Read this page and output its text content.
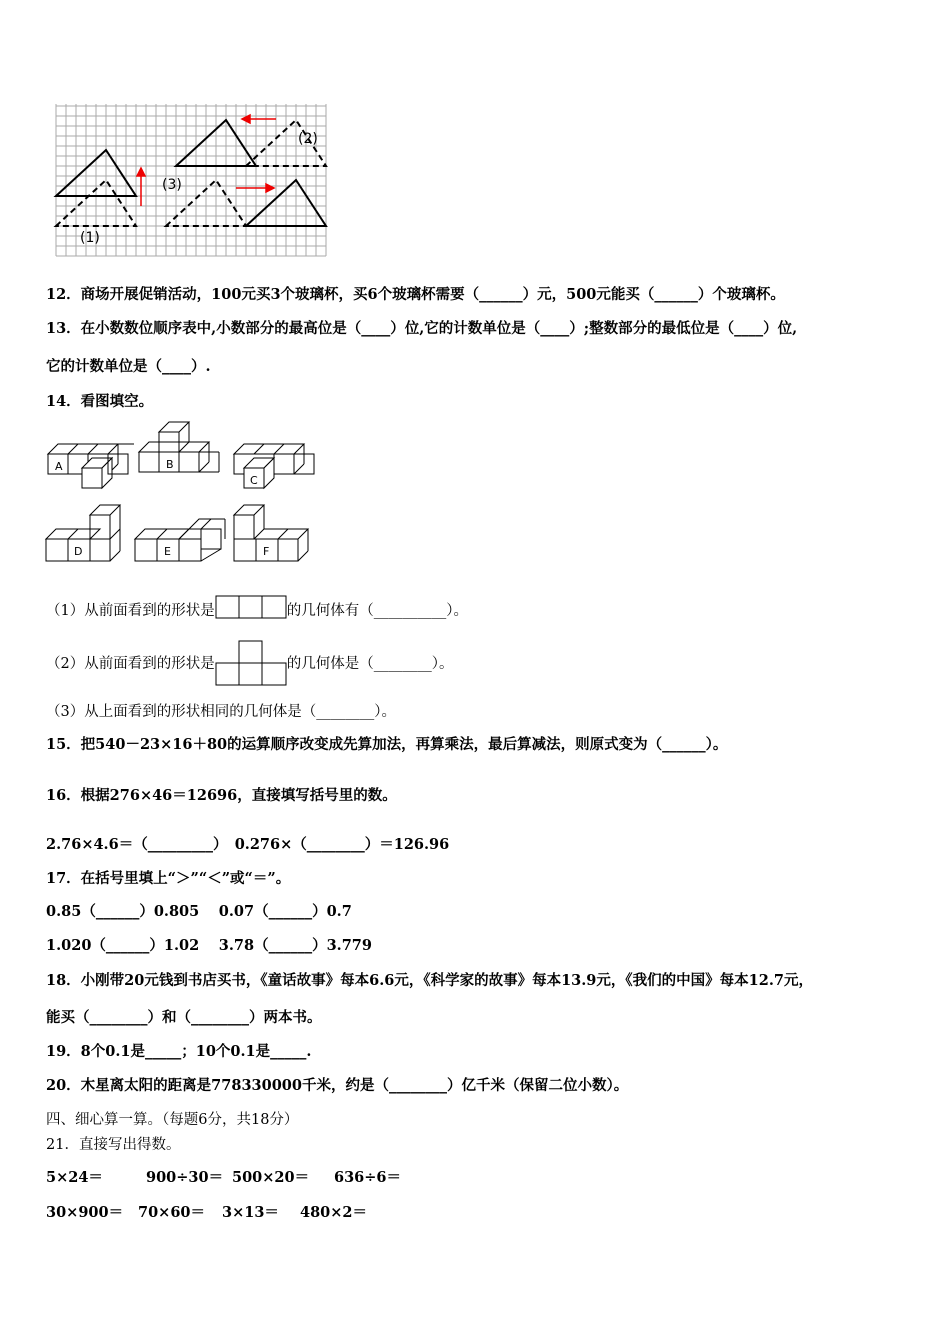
(1)
(2)
(3)
12．商场开展促销活动，100元买3个玻璃杯，买6个玻璃杯需要（______）元，500元能买（______）个玻璃杯。
13．在小数数位顺序表中,小数部分的最高位是（____）位,它的计数单位是（____）;整数部分的最低位是（____）位,
它的计数单位是（____）.
14．看图填空。
A	B
C
D	E	F
（1）从前面看到的形状是	的几何体有（__________）。
（2）从前面看到的形状是	的几何体是（________）。
（3）从上面看到的形状相同的几何体是（________）。
15．把540－23×16＋80的运算顺序改变成先算加法，再算乘法，最后算减法，则原式变为（______）。
16．根据276×46＝12696，直接填写括号里的数。
2.76×4.6＝（_________）　0.276×（________）＝126.96
17．在括号里填上“＞”“＜”或“＝”。
0.85（______）0.805　 0.07（______）0.7
1.020（______）1.02　 3.78（______）3.779
18．小刚带20元钱到书店买书，《童话故事》每本6.6元，《科学家的故事》每本13.9元，《我们的中国》每本12.7元，
能买（________）和（________）两本书。
19．8个0.1是_____；10个0.1是_____.
20．木星离太阳的距离是778330000千米，约是（________）亿千米（保留二位小数）。
四、细心算一算。（每题6分，共18分）
21．直接写出得数。
5×24＝	900÷30＝ 500×20＝ 636÷6＝
30×900＝ 70×60＝ 3×13＝ 480×2＝
